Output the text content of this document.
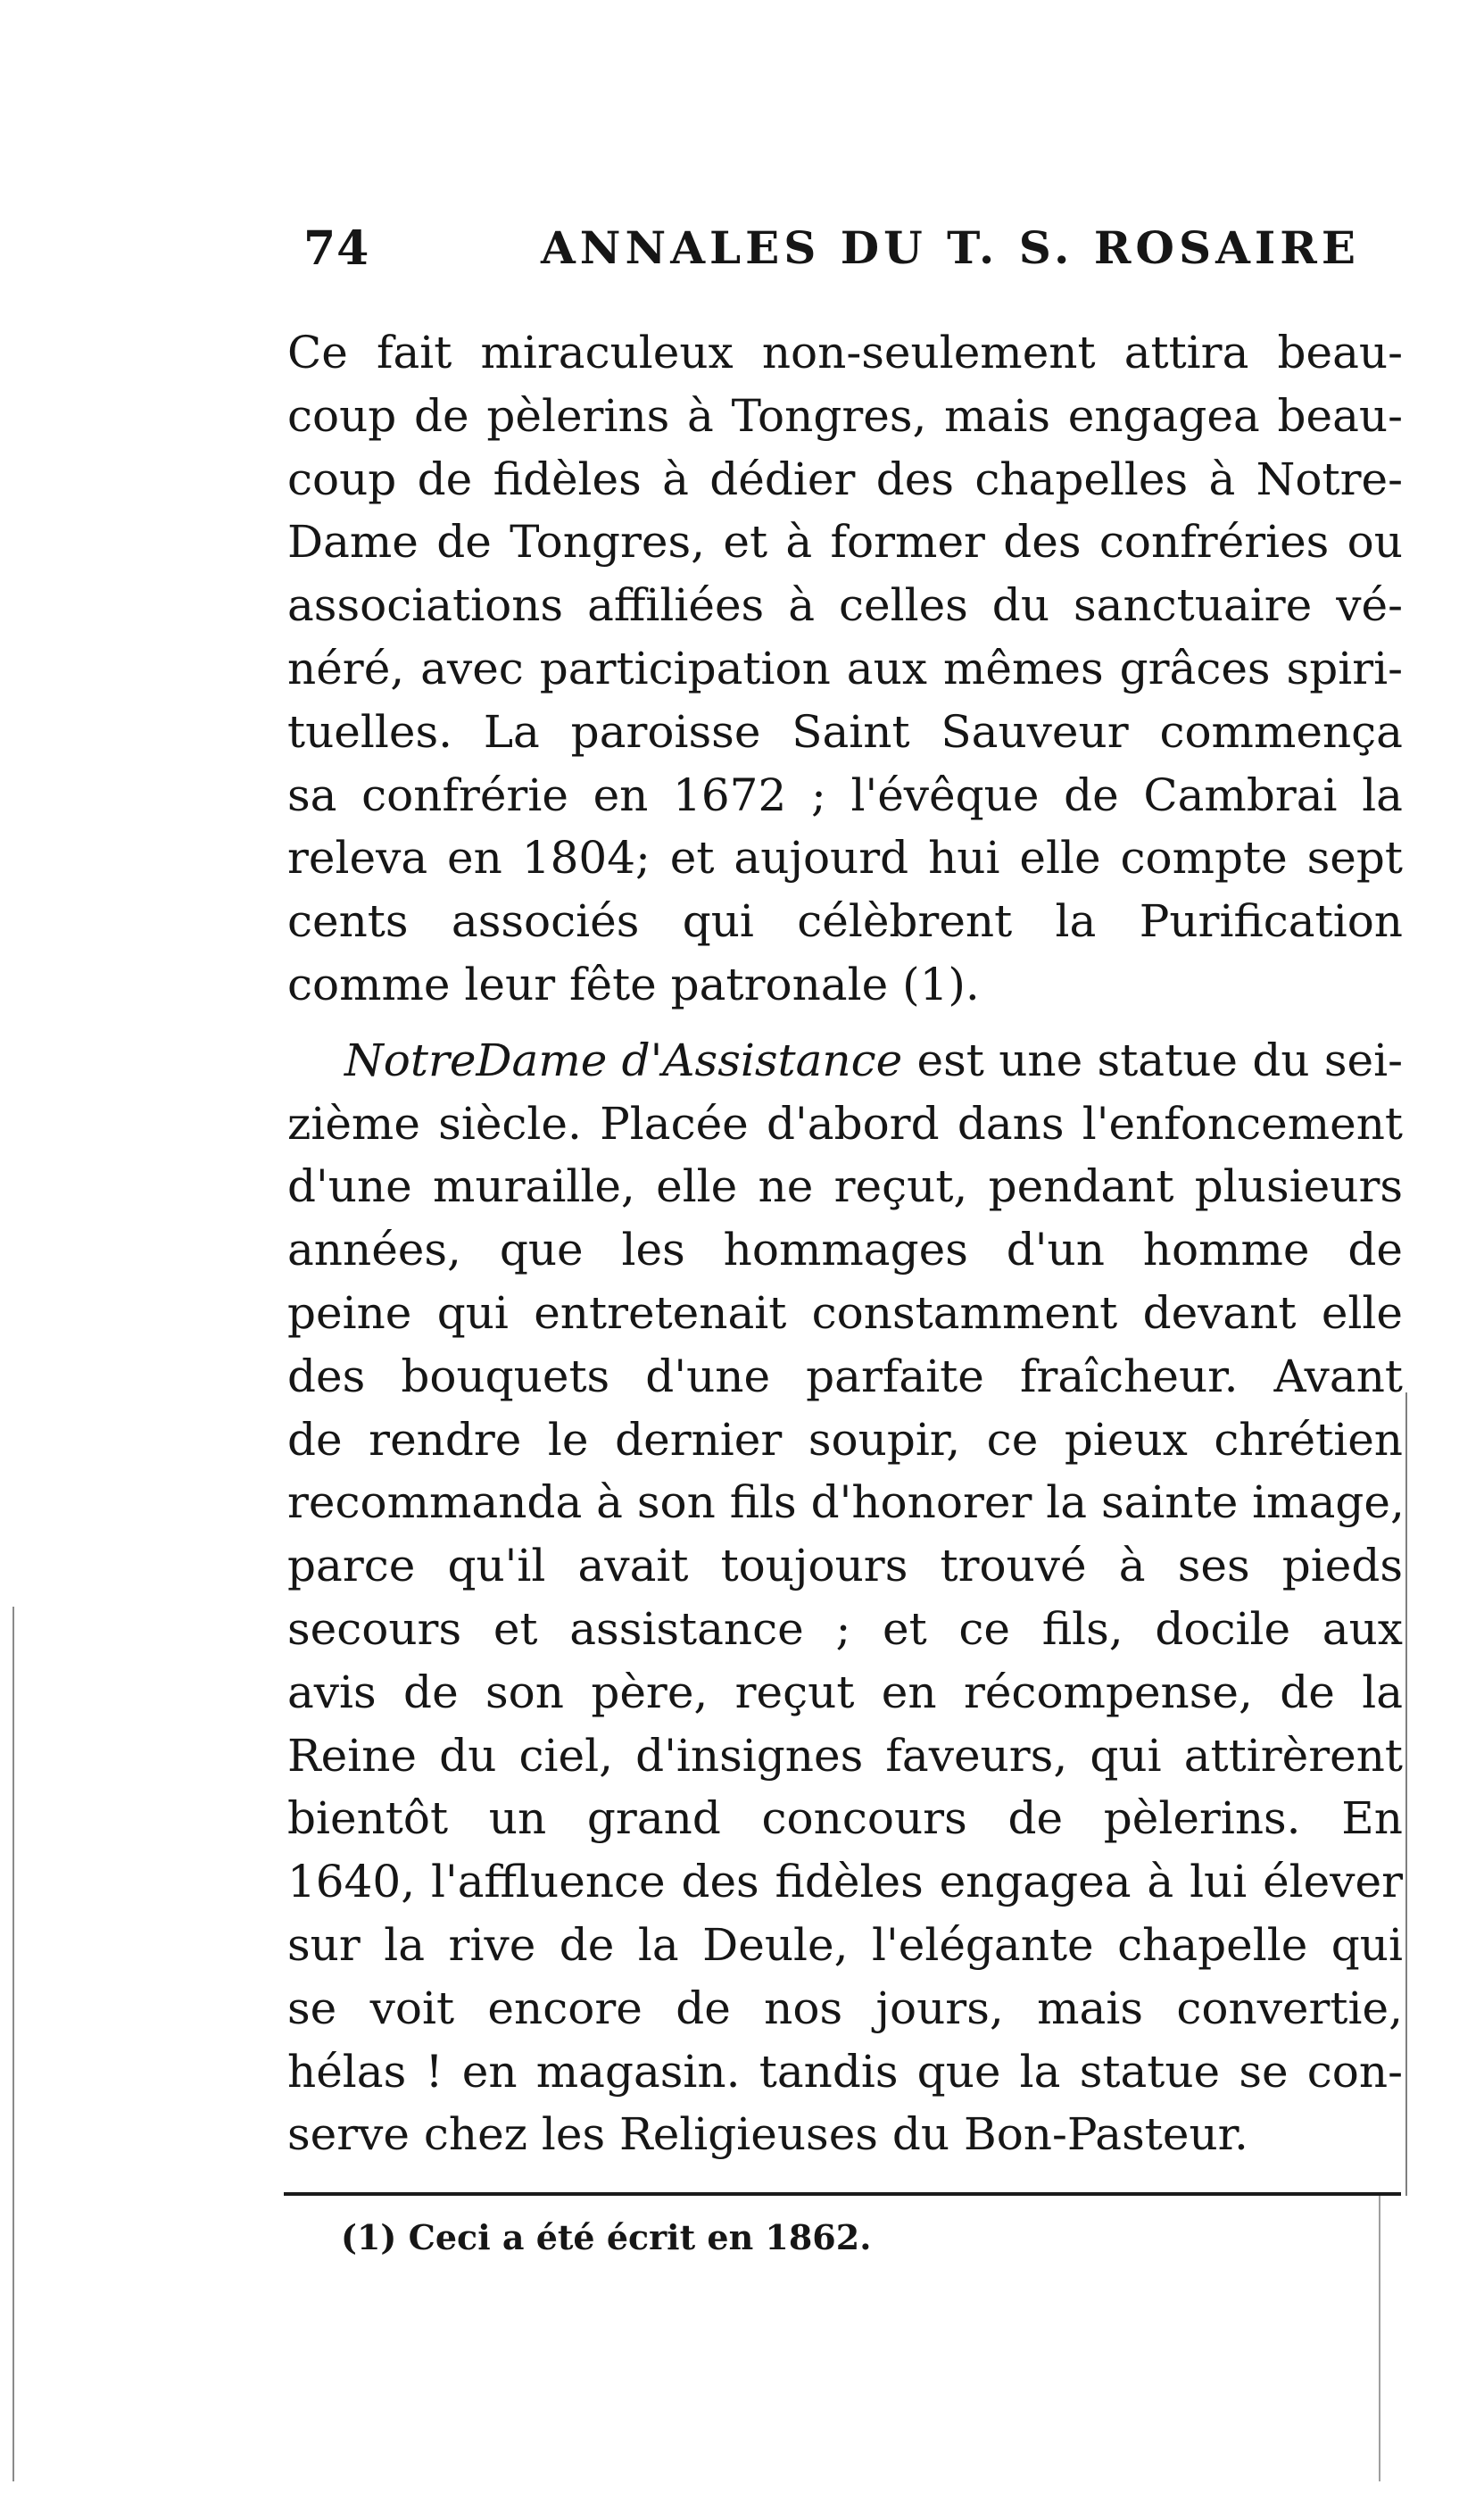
74	ANNALES DU T. S. ROSAIRE
Ce fait miraculeux non-seulement attira beau-
coup de pèlerins à Tongres, mais engagea beau-
coup de fidèles à dédier des chapelles à Notre-
Dame de Tongres, et à former des confréries ou
associations affiliées à celles du sanctuaire vé-
néré, avec participation aux mêmes grâces spiri-
tuelles. La paroisse Saint Sauveur commença
sa confrérie en 1672 ; l'évêque de Cambrai la
releva en 1804; et aujourd hui elle compte sept
cents associés qui célèbrent la Purification
comme leur fête patronale (1).
NotreDame d'Assistance est une statue du sei-
zième siècle. Placée d'abord dans l'enfoncement
d'une muraille, elle ne reçut, pendant plusieurs
années, que les hommages d'un homme de
peine qui entretenait constamment devant elle
des bouquets d'une parfaite fraîcheur. Avant
de rendre le dernier soupir, ce pieux chrétien
recommanda à son fils d'honorer la sainte image,
parce qu'il avait toujours trouvé à ses pieds
secours et assistance ; et ce fils, docile aux
avis de son père, reçut en récompense, de la
Reine du ciel, d'insignes faveurs, qui attirèrent
bientôt un grand concours de pèlerins. En
1640, l'affluence des fidèles engagea à lui élever
sur la rive de la Deule, l'elégante chapelle qui
se voit encore de nos jours, mais convertie,
hélas ! en magasin. tandis que la statue se con-
serve chez les Religieuses du Bon-Pasteur.
(1) Ceci a été écrit en 1862.
